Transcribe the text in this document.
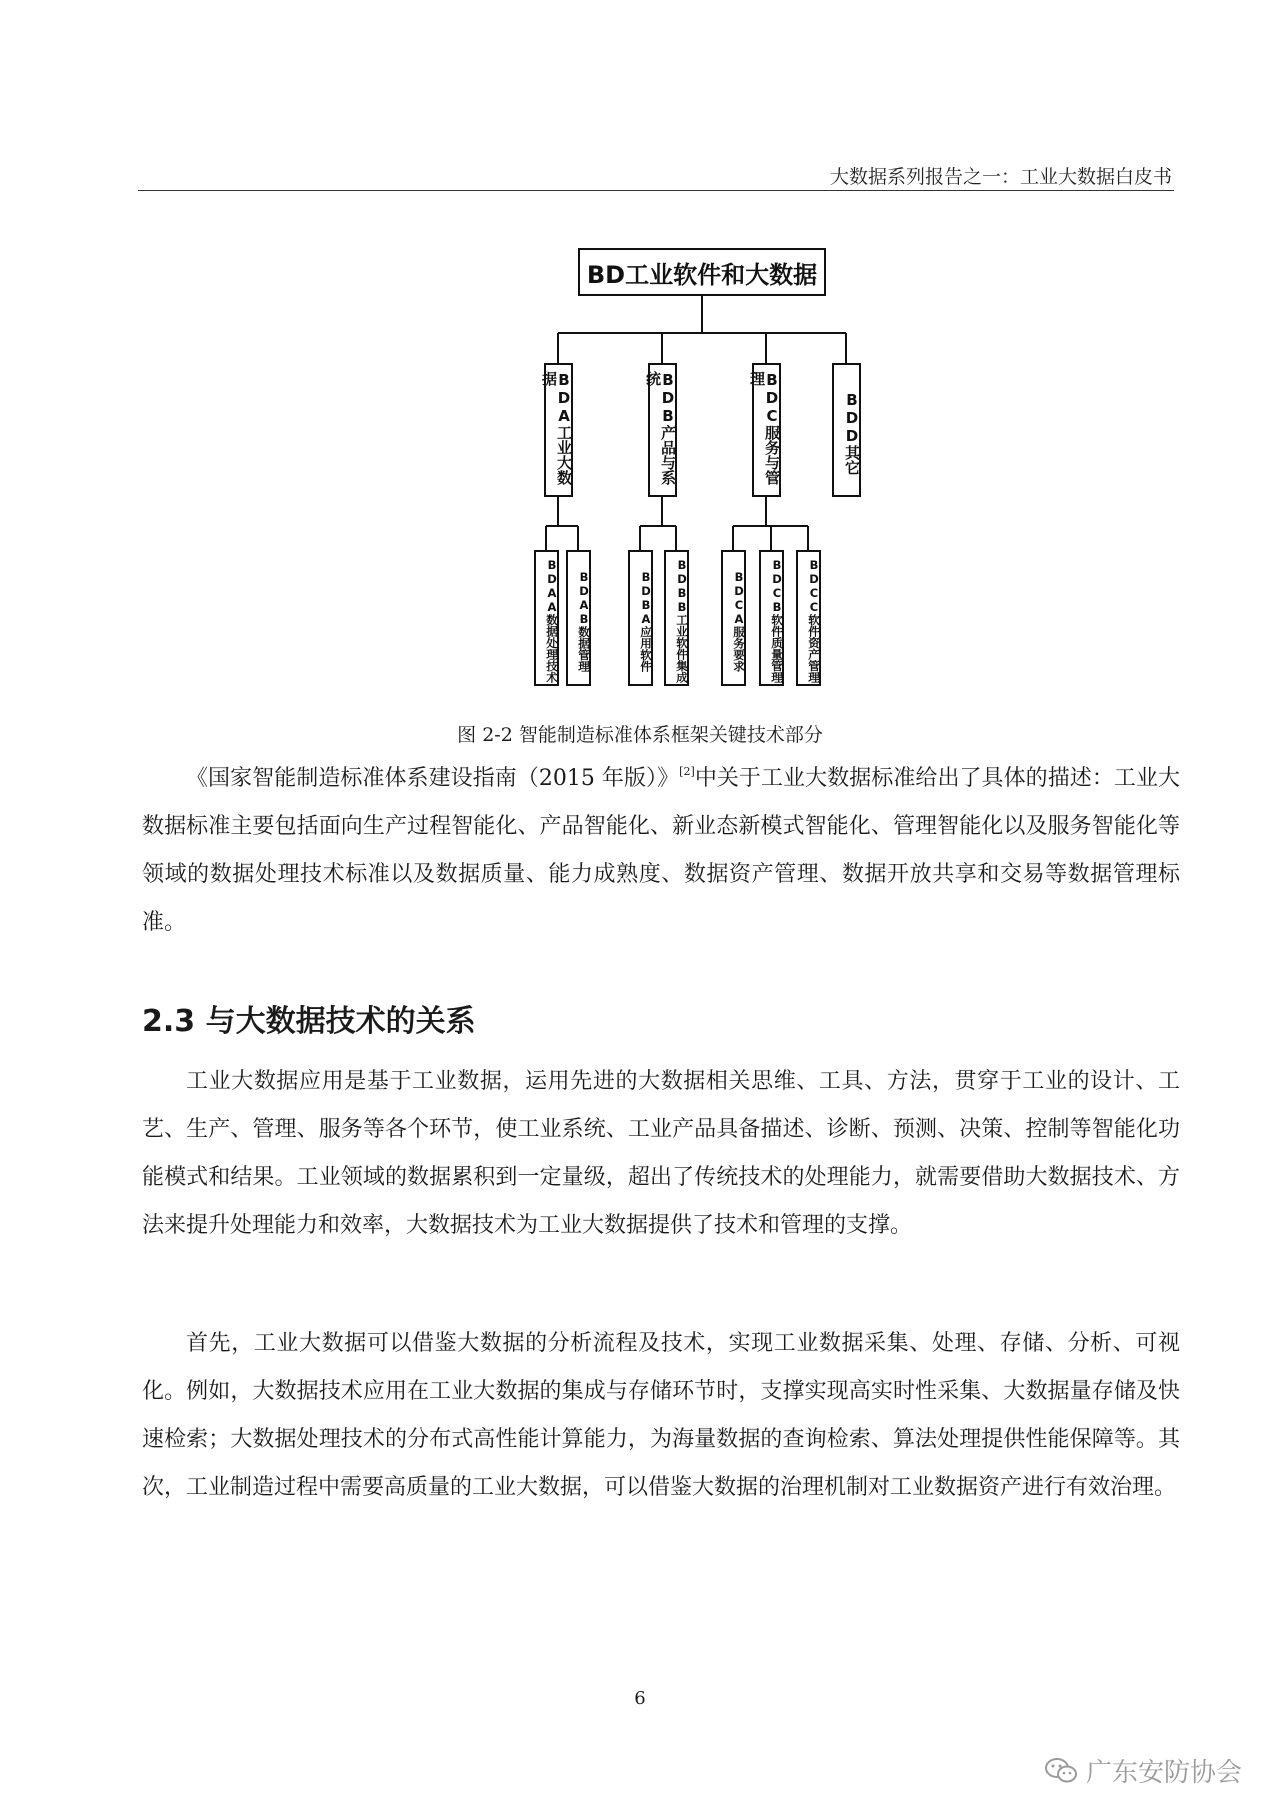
大数据系列报告之一：工业大数据白皮书
BD工业软件和大数据
BDA工业大数据	BDB产品与系统	BDC服务与管理
BDD其它
BDAA数据处理技术	BDAB数据管理	BDBA应用软件	BDBB工业软件集成	BDCA服务要求	BDCB软件质量管理	BDCC软件资产管理
图 2-2 智能制造标准体系框架关键技术部分

《国家智能制造标准体系建设指南（2015 年版）》[2]中关于工业大数据标准给出了具体的描述：工业大数据标准主要包括面向生产过程智能化、产品智能化、新业态新模式智能化、管理智能化以及服务智能化等领域的数据处理技术标准以及数据质量、能力成熟度、数据资产管理、数据开放共享和交易等数据管理标准。

2.3 与大数据技术的关系

工业大数据应用是基于工业数据，运用先进的大数据相关思维、工具、方法，贯穿于工业的设计、工艺、生产、管理、服务等各个环节，使工业系统、工业产品具备描述、诊断、预测、决策、控制等智能化功能模式和结果。工业领域的数据累积到一定量级，超出了传统技术的处理能力，就需要借助大数据技术、方法来提升处理能力和效率，大数据技术为工业大数据提供了技术和管理的支撑。

首先，工业大数据可以借鉴大数据的分析流程及技术，实现工业数据采集、处理、存储、分析、可视化。例如，大数据技术应用在工业大数据的集成与存储环节时，支撑实现高实时性采集、大数据量存储及快速检索；大数据处理技术的分布式高性能计算能力，为海量数据的查询检索、算法处理提供性能保障等。其次，工业制造过程中需要高质量的工业大数据，可以借鉴大数据的治理机制对工业数据资产进行有效治理。

6
广东安防协会
